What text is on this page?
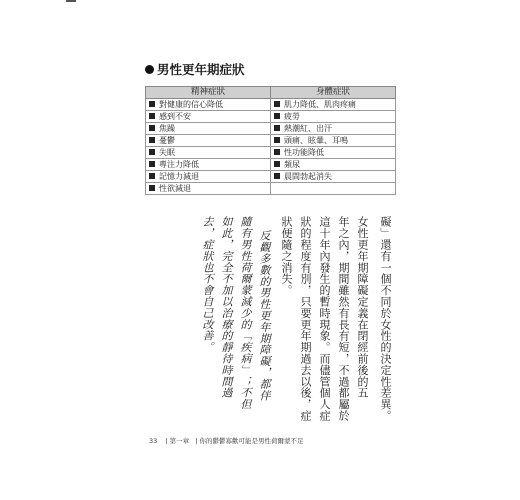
男性更年期症狀
精神症狀	身體症狀
對健康的信心降低	肌力降低、肌肉疼痛
感到不安	疲勞
焦躁	熱潮紅、出汗
憂鬱	頭痛、眩暈、耳鳴
失眠	性功能降低
專注力降低	頻尿
記憶力減退	晨間勃起消失
性欲減退	
礙」還有一個不同於女性的決定性差異。
女性更年期障礙定義在閉經前後的五
年之內，期間雖然有長有短，不過都屬於
這十年內發生的暫時現象。而儘管個人症
狀的程度有別，只要更年期過去以後，症
狀便隨之消失。
反觀多數的男性更年期障礙，都伴
隨有男性荷爾蒙減少的「疾病」；不但
如此，完全不加以治療的靜待時間過
去，症狀也不會自己改善。
33 | 第一章 | 你的鬱鬱寡歡可能是男性荷爾蒙不足
